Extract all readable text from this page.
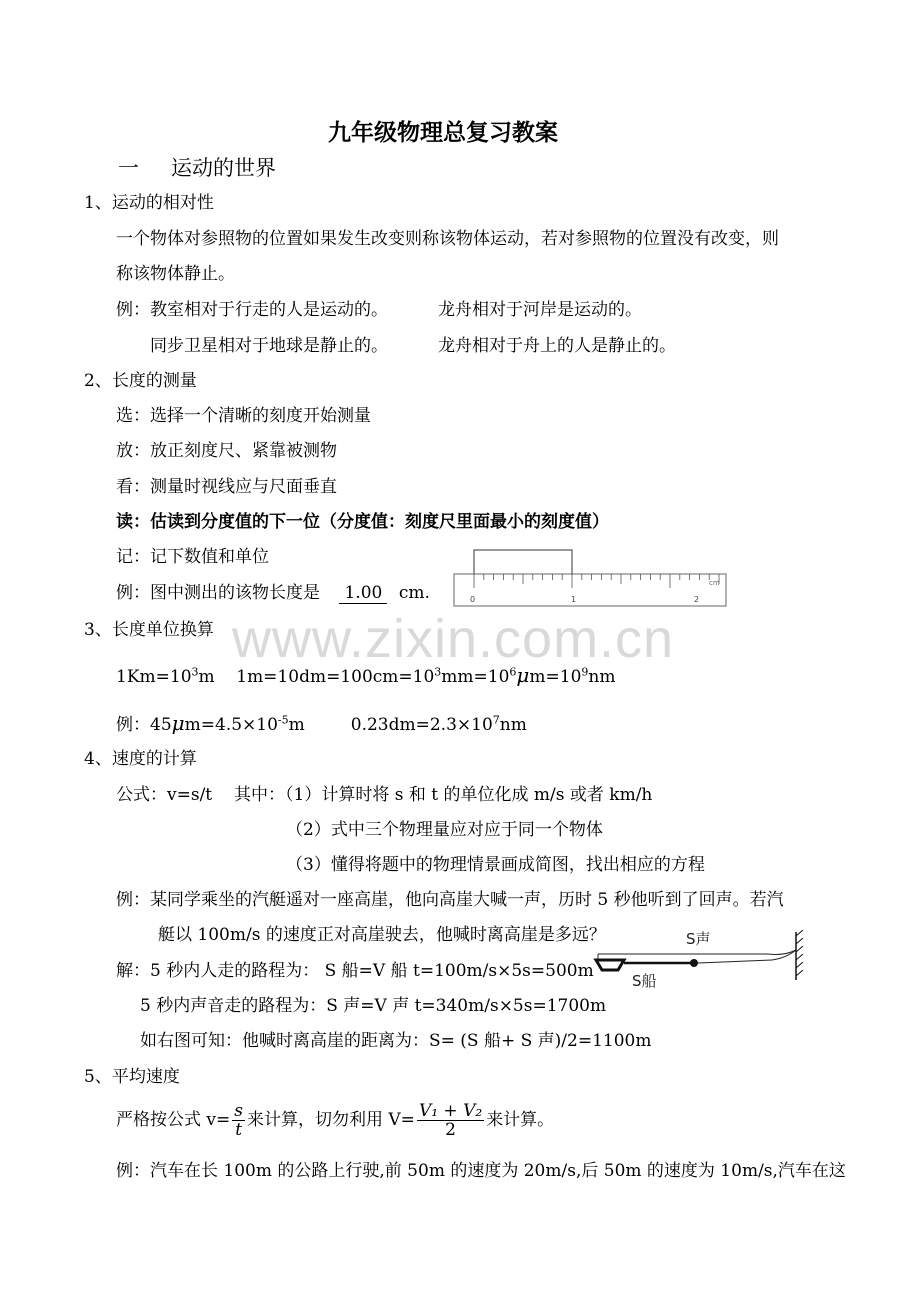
九年级物理总复习教案
一 运动的世界
1、运动的相对性
一个物体对参照物的位置如果发生改变则称该物体运动，若对参照物的位置没有改变，则
称该物体静止。
例：教室相对于行走的人是运动的。	龙舟相对于河岸是运动的。
同步卫星相对于地球是静止的。	龙舟相对于舟上的人是静止的。
2、长度的测量
选：选择一个清晰的刻度开始测量
放：放正刻度尺、紧靠被测物
看：测量时视线应与尺面垂直
读：估读到分度值的下一位（分度值：刻度尺里面最小的刻度值）
记：记下数值和单位
例：图中测出的该物长度是 1.00 cm.	0	1	2
cm
3、长度单位换算 www.zixin.com.cn
$1Km=10^3m$    $1m=10dm=100cm=10^3mm=10^6\mu m=10^9nm$
例：$45\mu m=4.5\times 10^{-5}m$	$0.23dm=2.3\times 10^7nm$
4、速度的计算
公式：v=s/t 其中：（1）计算时将 s 和 t 的单位化成 m/s 或者 km/h
（2）式中三个物理量应对应于同一个物体
（3）懂得将题中的物理情景画成简图，找出相应的方程
例：某同学乘坐的汽艇遥对一座高崖，他向高崖大喊一声，历时 5 秒他听到了回声。若汽
艇以 100m/s 的速度正对高崖驶去，他喊时离高崖是多远？
解：5 秒内人走的路程为： S 船=V 船 t=100m/s×5s=500m
5 秒内声音走的路程为：S 声=V 声 t=340m/s×5s=1700m
如右图可知：他喊时离高崖的距离为：S= (S 船+ S 声)/2=1100m
S声
S船
5、平均速度
严格按公式 $v= \frac{s}{t}$ 来计算，切勿利用 $V= \frac{\text{V₁ + V₂}}{2}$ 来计算。
例：汽车在长 100m 的公路上行驶,前 50m 的速度为 20m/s,后 50m 的速度为 10m/s,汽车在这
